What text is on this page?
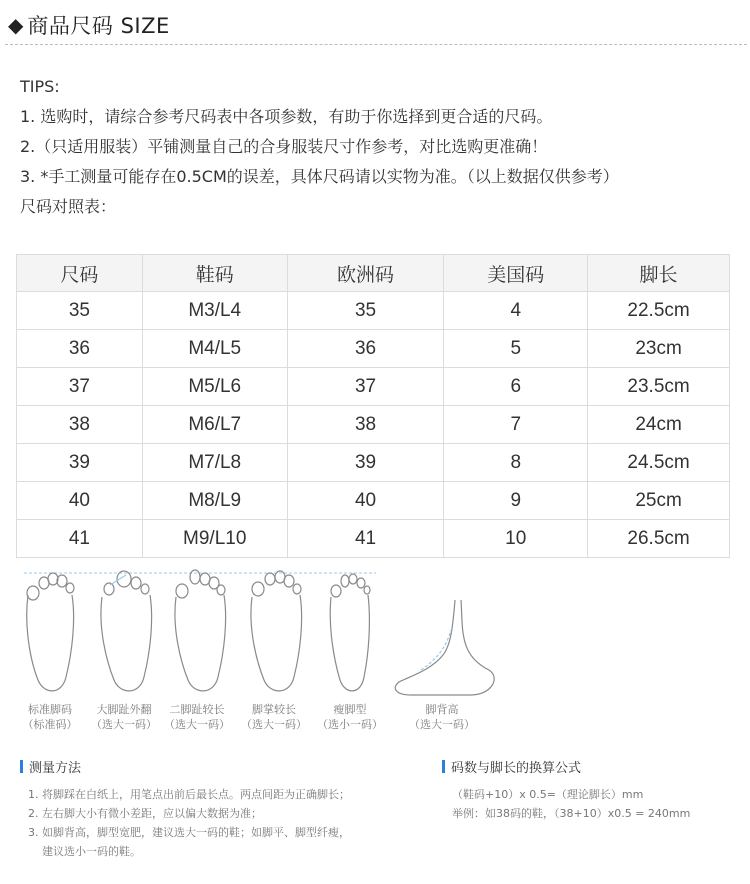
◆ 商品尺码 SIZE
TIPS:
1. 选购时，请综合参考尺码表中各项参数，有助于你选择到更合适的尺码。
2.（只适用服装）平铺测量自己的合身服装尺寸作参考，对比选购更准确！
3. *手工测量可能存在0.5CM的误差，具体尺码请以实物为准。（以上数据仅供参考）
尺码对照表：
尺码	鞋码	欧洲码	美国码	脚长
35	M3/L4	35	4	22.5cm
36	M4/L5	36	5	23cm
37	M5/L6	37	6	23.5cm
38	M6/L7	38	7	24cm
39	M7/L8	39	8	24.5cm
40	M8/L9	40	9	25cm
41	M9/L10	41	10	26.5cm
标准脚码
（标准码）
大脚趾外翻
（选大一码）
二脚趾较长
（选大一码）
脚掌较长
（选大一码）
瘦脚型
（选小一码）
脚背高
（选大一码）
测量方法
1. 将脚踩在白纸上，用笔点出前后最长点。两点间距为正确脚长；
2. 左右脚大小有微小差距，应以偏大数据为准；
3. 如脚背高，脚型宽肥，建议选大一码的鞋；如脚平、脚型纤瘦，
建议选小一码的鞋。
码数与脚长的换算公式
（鞋码+10）x 0.5=（理论脚长）mm
举例：如38码的鞋，（38+10）x0.5 = 240mm
